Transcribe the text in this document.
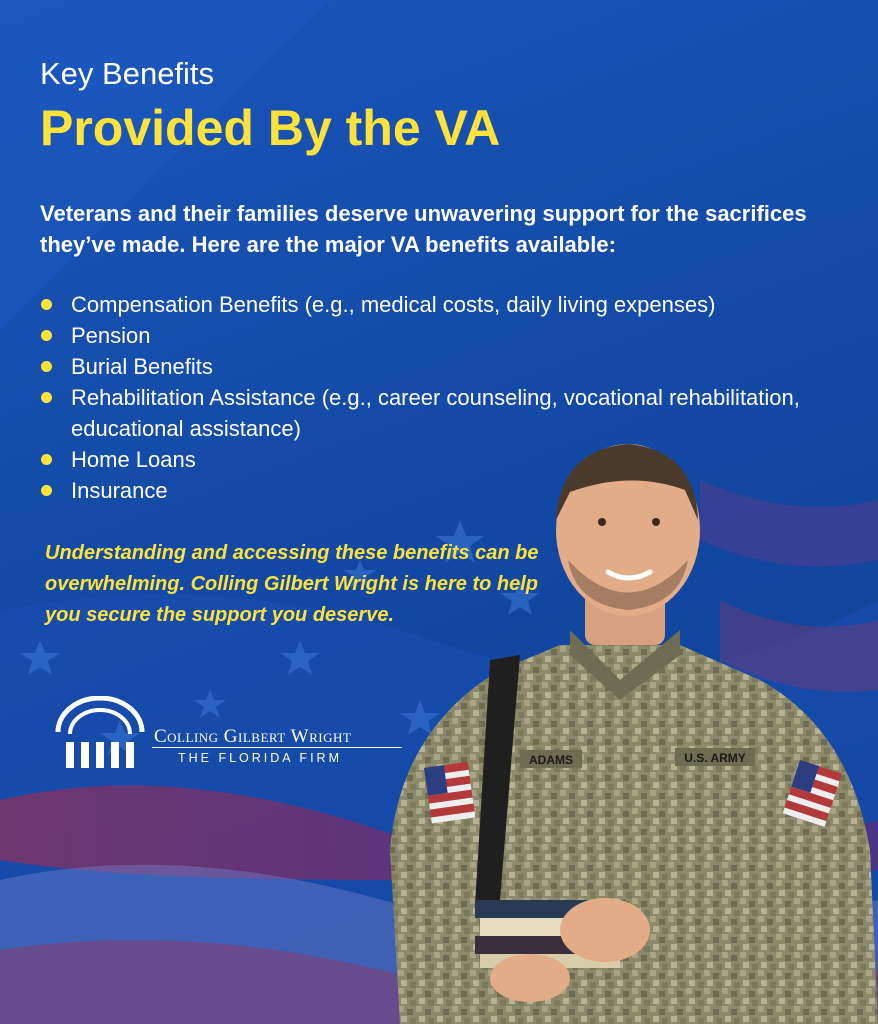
Key Benefits
Provided By the VA
Veterans and their families deserve unwavering support for the sacrifices they’ve made. Here are the major VA benefits available:
Compensation Benefits (e.g., medical costs, daily living expenses)
Pension
Burial Benefits
Rehabilitation Assistance (e.g., career counseling, vocational rehabilitation, educational assistance)
Home Loans
Insurance
Understanding and accessing these benefits can be overwhelming. Colling Gilbert Wright is here to help you secure the support you deserve.
Colling Gilbert Wright
THE FLORIDA FIRM	ADAMS	U.S. ARMY
